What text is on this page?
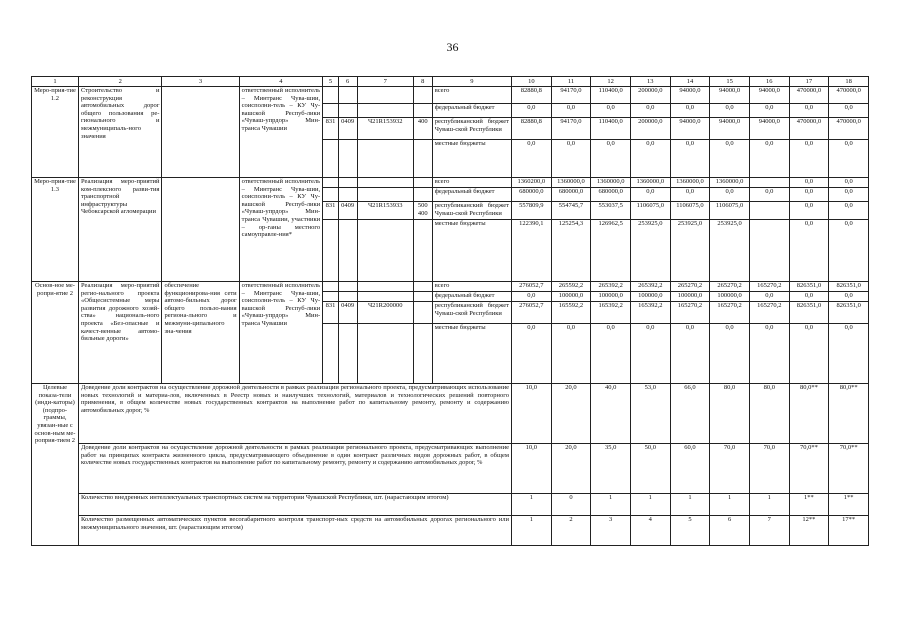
36
1	2	3	4	5	6	7	8	9	10	11	12	13	14	15	16	17	18
Меро-прия-тие 1.2	Строительство и реконструкция автомобильных дорог общего пользования ре-гионального и межмуниципаль-ного значения		ответственный исполнитель – Минтранс Чува-шии, соисполни-тель – КУ Чу-вашской Респуб-лики «Чуваш-упрдор» Мин-транса Чувашии					всего	82880,8	94170,0	110400,0	200000,0	94000,0	94000,0	94000,0	470000,0	470000,0
								федеральный бюджет	0,0	0,0	0,0	0,0	0,0	0,0	0,0	0,0	0,0
				831	0409	Ч21R153932	400	республиканский бюджет Чуваш-ской Республики	82880,8	94170,0	110400,0	200000,0	94000,0	94000,0	94000,0	470000,0	470000,0
								местные бюджеты	0,0	0,0	0,0	0,0	0,0	0,0	0,0	0,0	0,0
Меро-прия-тие 1.3	Реализация меро-приятий ком-плексного разви-тия транспортной инфраструктуры Чебоксарской агломерации		ответственный исполнитель – Минтранс Чува-шии, соисполни-тель – КУ Чу-вашской Респуб-лики «Чуваш-упрдор» Мин-транса Чувашии, участники – ор-ганы местного самоуправле-ния*					всего	1360200,0	1360000,0	1360000,0	1360000,0	1360000,0	1360000,0		0,0	0,0
								федеральный бюджет	680000,0	680000,0	680000,0	0,0	0,0	0,0	0,0	0,0	0,0
				831	0409	Ч21R153933	500 400	республиканский бюджет Чуваш-ской Республики	557809,9	554745,7	553037,5	1106075,0	1106075,0	1106075,0		0,0	0,0
								местные бюджеты	122390,1	125254,3	126962,5	253925,0	253925,0	253925,0		0,0	0,0
Основ-ное ме-ропри-ятие 2	Реализация меро-приятий регио-нального проекта «Общесистемные меры развития дорожного хозяй-ства» националь-ного проекта «Без-опасные и качест-венные автомо-бильные дороги»	обеспечение функционирова-ния сети автомо-бильных дорог общего пользо-вания региона-льного и межмуни-ципального зна-чения	ответственный исполнитель – Минтранс Чува-шии, соисполни-тель – КУ Чу-вашской Респуб-лики «Чуваш-упрдор» Мин-транса Чувашии					всего	276052,7	265592,2	265392,2	265392,2	265270,2	265270,2	165270,2	826351,0	826351,0
								федеральный бюджет	0,0	100000,0	100000,0	100000,0	100000,0	100000,0	0,0	0,0	0,0
				831	0409	Ч21R200000		республиканский бюджет Чуваш-ской Республики	276052,7	165592,2	165392,2	165392,2	165270,2	165270,2	165270,2	826351,0	826351,0
								местные бюджеты	0,0	0,0	0,0	0,0	0,0	0,0	0,0	0,0	0,0
Целевые показа-тели (инди-каторы) (подпро-граммы, увязан-ные с основ-ным ме-роприя-тием 2	Доведение доли контрактов на осуществление дорожной деятельности в рамках реализации регионального проекта, предусматривающих использование новых технологий и материа-лов, включенных в Реестр новых и наилучших технологий, материалов и технологических решений повторного применения, в общем количестве новых государственных контрактов на выполнение работ по капитальному ремонту, ремонту и содержанию автомобильных дорог, %								10,0	20,0	40,0	53,0	66,0	80,0	80,0	80,0**	80,0**
	Доведение доли контрактов на осуществление дорожной деятельности в рамках реализации регионального проекта, предусматривающих выполнение работ на принципах контракта жизненного цикла, предусматривающего объединение в один контракт различных видов дорожных работ, в общем количестве новых государственных контрактов на выполнение работ по капитальному ремонту, ремонту и содержанию автомобильных дорог, %								10,0	20,0	35,0	50,0	60,0	70,0	70,0	70,0**	70,0**
	Количество внедренных интеллектуальных транспортных систем на территории Чувашской Республики, шт. (нарастающим итогом)								1	0	1	1	1	1	1	1**	1**
	Количество размещенных автоматических пунктов весогабаритного контроля транспорт-ных средств на автомобильных дорогах регионального или межмуниципального значения, шт. (нарастающим итогом)								1	2	3	4	5	6	7	12**	17**
